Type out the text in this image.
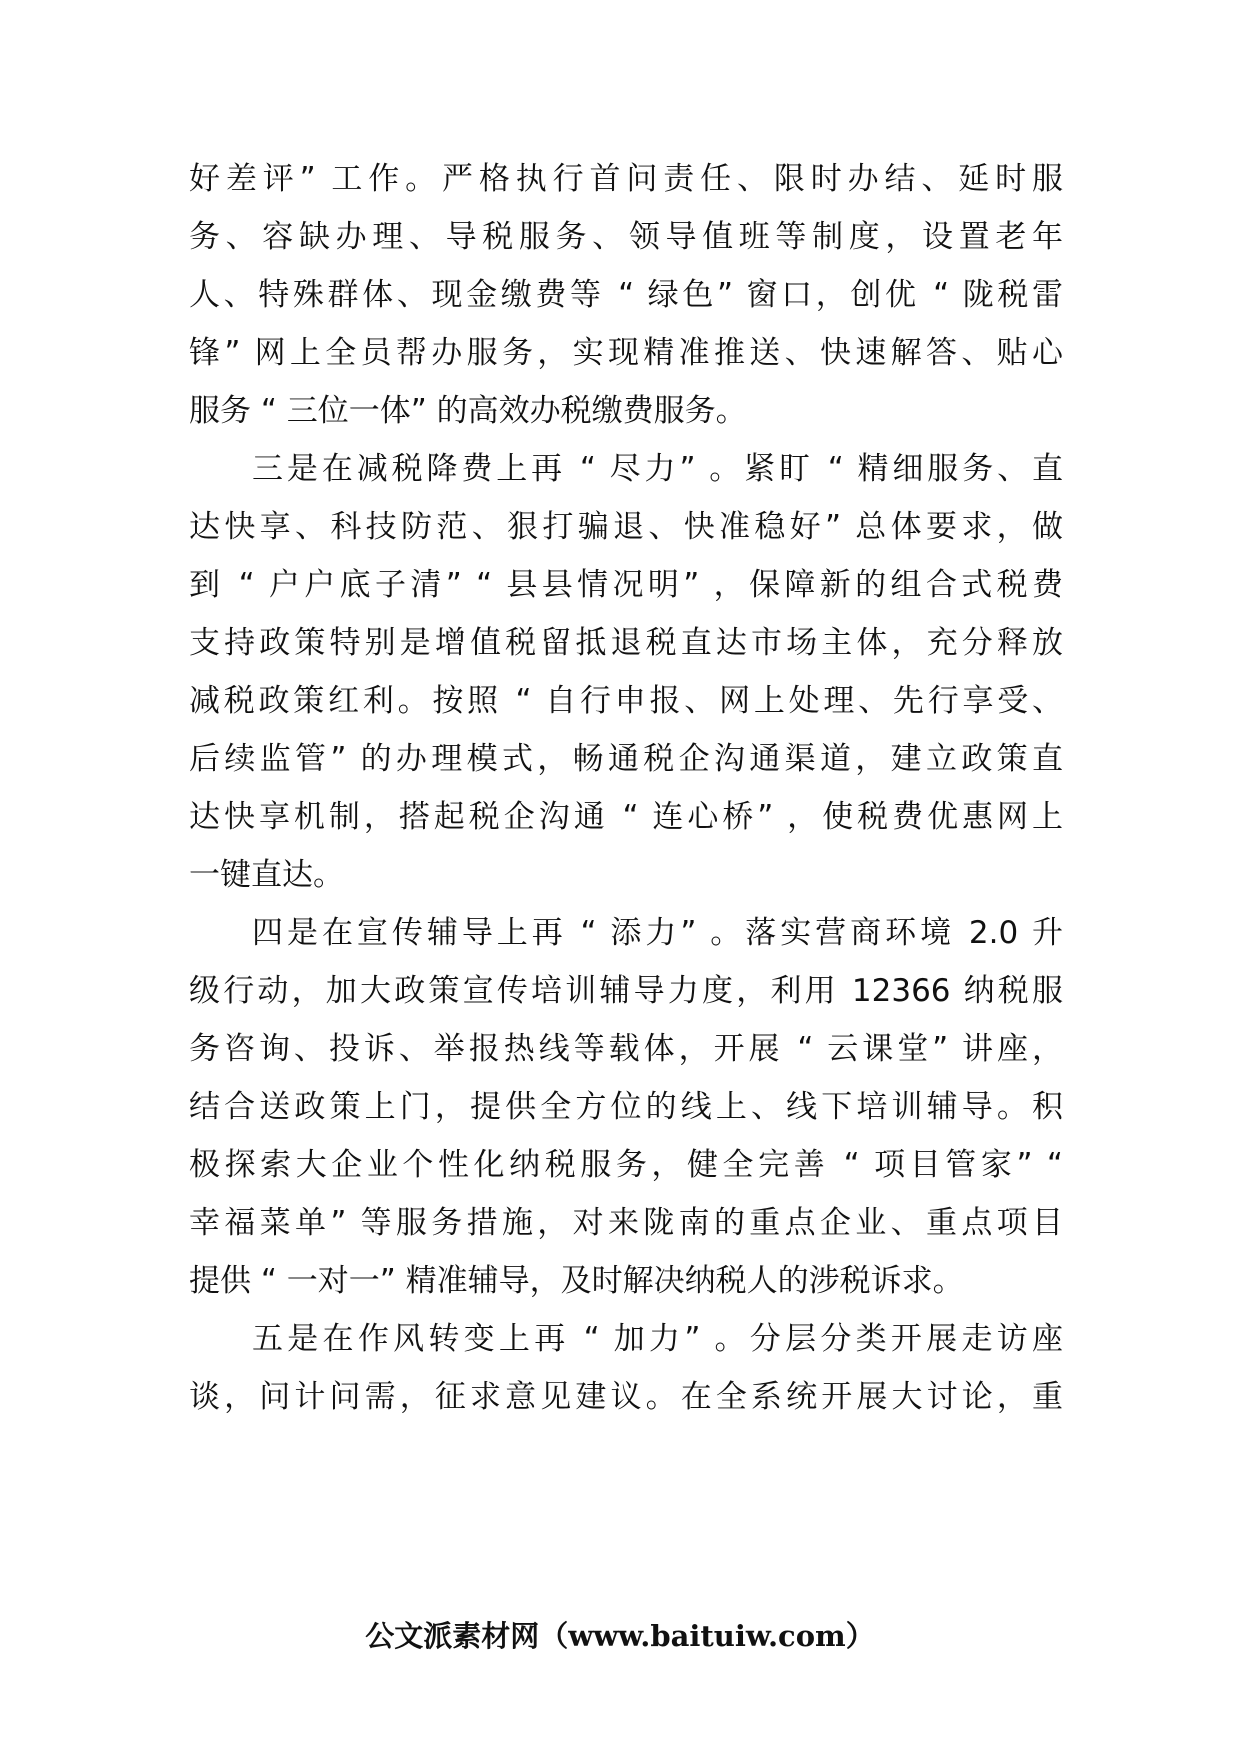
好差评” 工作。严格执行首问责任、限时办结、延时服
务、容缺办理、导税服务、领导值班等制度，设置老年
人、特殊群体、现金缴费等 “ 绿色” 窗口，创优 “ 陇税雷
锋” 网上全员帮办服务，实现精准推送、快速解答、贴心
服务 “ 三位一体” 的高效办税缴费服务。
三是在减税降费上再 “ 尽力” 。紧盯 “ 精细服务、直
达快享、科技防范、狠打骗退、快准稳好” 总体要求，做
到 “ 户户底子清” “ 县县情况明” ，保障新的组合式税费
支持政策特别是增值税留抵退税直达市场主体，充分释放
减税政策红利。按照 “ 自行申报、网上处理、先行享受、
后续监管” 的办理模式，畅通税企沟通渠道，建立政策直
达快享机制，搭起税企沟通 “ 连心桥” ，使税费优惠网上
一键直达。
四是在宣传辅导上再 “ 添力” 。落实营商环境 2.0 升
级行动，加大政策宣传培训辅导力度，利用 12366 纳税服
务咨询、投诉、举报热线等载体，开展 “ 云课堂” 讲座，
结合送政策上门，提供全方位的线上、线下培训辅导。积
极探索大企业个性化纳税服务，健全完善 “ 项目管家” “
幸福菜单” 等服务措施，对来陇南的重点企业、重点项目
提供 “ 一对一” 精准辅导，及时解决纳税人的涉税诉求。
五是在作风转变上再 “ 加力” 。分层分类开展走访座
谈，问计问需，征求意见建议。在全系统开展大讨论，重
公文派素材网（www.baituiw.com）
